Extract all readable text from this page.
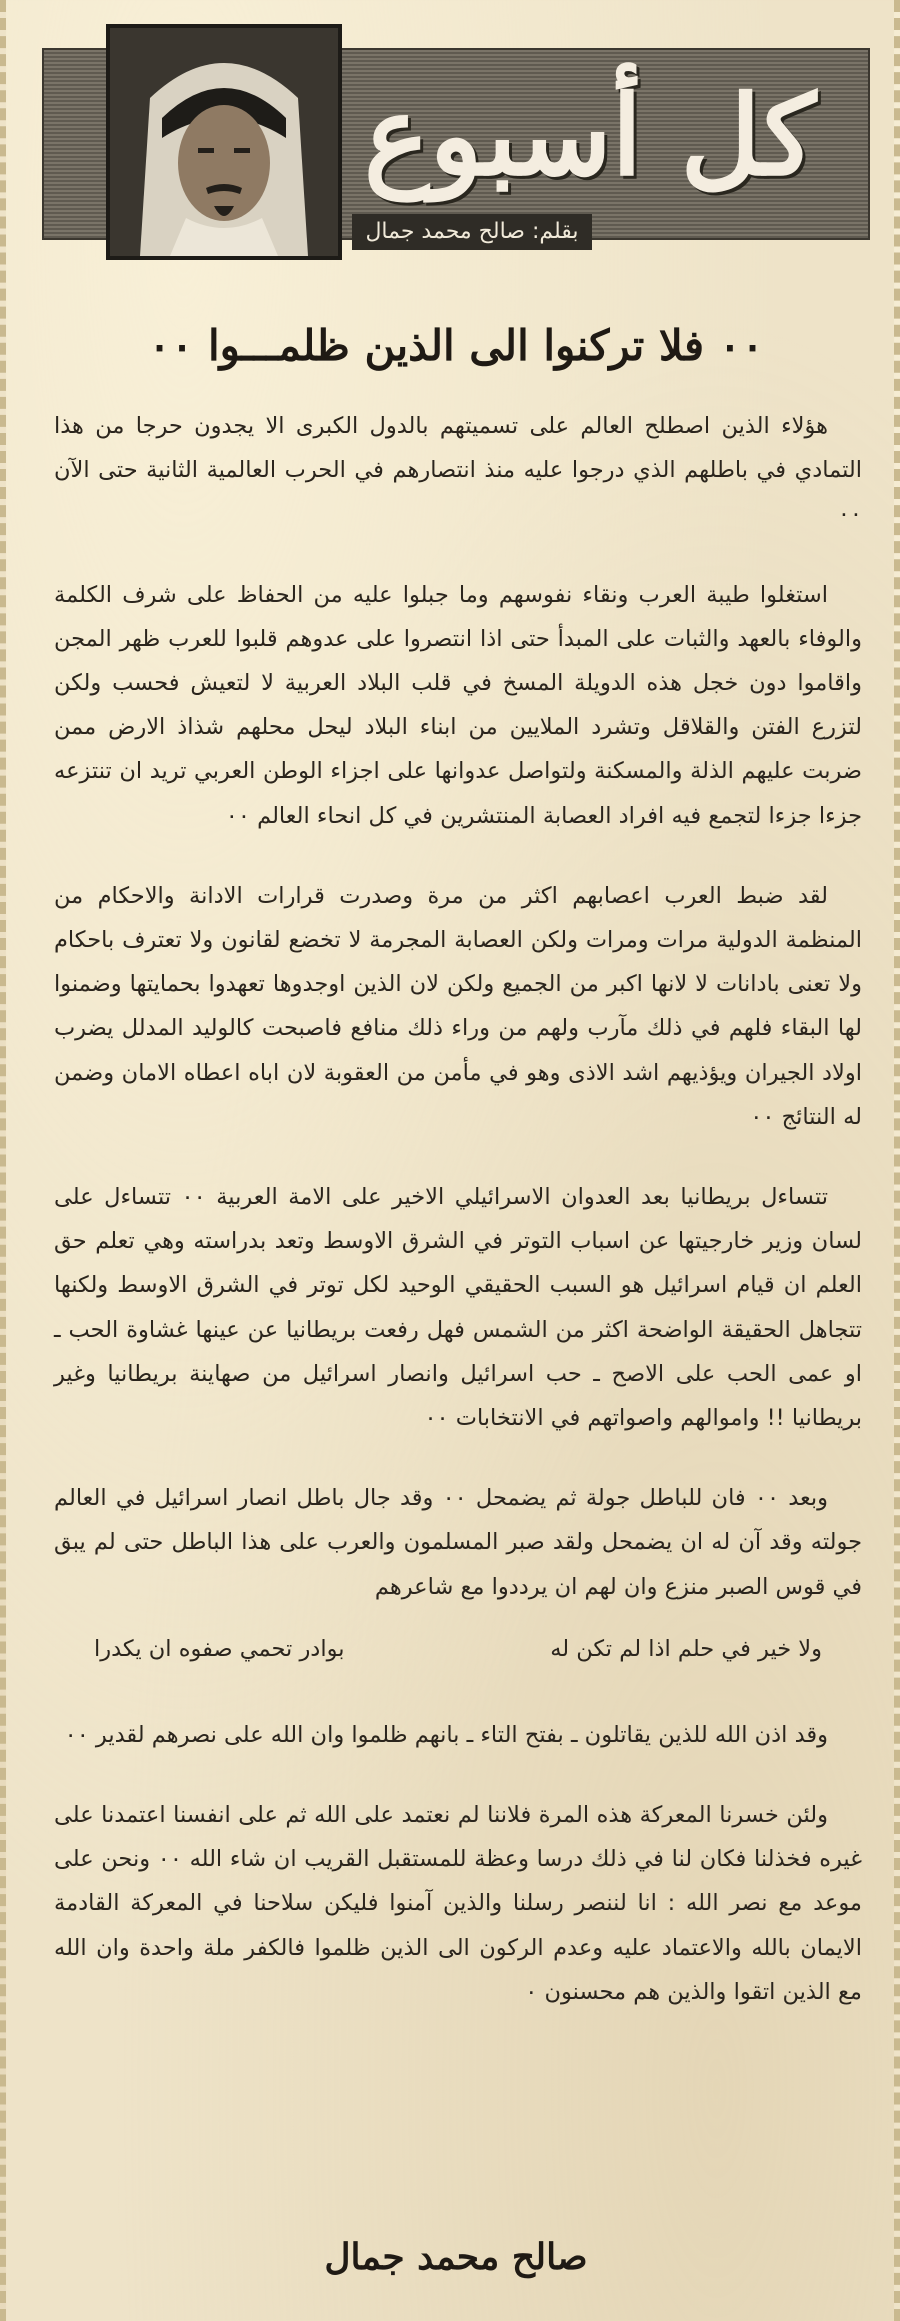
كل أسبوع
بقلم: صالح محمد جمال
٠٠ فلا تركنوا الى الذين ظلمـــوا ٠٠

هؤلاء الذين اصطلح العالم على تسميتهم بالدول الكبرى الا يجدون حرجا من هذا التمادي في باطلهم الذي درجوا عليه منذ انتصارهم في الحرب العالمية الثانية حتى الآن ٠٠

استغلوا طيبة العرب ونقاء نفوسهم وما جبلوا عليه من الحفاظ على شرف الكلمة والوفاء بالعهد والثبات على المبدأ حتى اذا انتصروا على عدوهم قلبوا للعرب ظهر المجن واقاموا دون خجل هذه الدويلة المسخ في قلب البلاد العربية لا لتعيش فحسب ولكن لتزرع الفتن والقلاقل وتشرد الملايين من ابناء البلاد ليحل محلهم شذاذ الارض ممن ضربت عليهم الذلة والمسكنة ولتواصل عدوانها على اجزاء الوطن العربي تريد ان تنتزعه جزءا جزءا لتجمع فيه افراد العصابة المنتشرين في كل انحاء العالم ٠٠

لقد ضبط العرب اعصابهم اكثر من مرة وصدرت قرارات الادانة والاحكام من المنظمة الدولية مرات ومرات ولكن العصابة المجرمة لا تخضع لقانون ولا تعترف باحكام ولا تعنى بادانات لا لانها اكبر من الجميع ولكن لان الذين اوجدوها تعهدوا بحمايتها وضمنوا لها البقاء فلهم في ذلك مآرب ولهم من وراء ذلك منافع فاصبحت كالوليد المدلل يضرب اولاد الجيران ويؤذيهم اشد الاذى وهو في مأمن من العقوبة لان اباه اعطاه الامان وضمن له النتائج ٠٠

تتساءل بريطانيا بعد العدوان الاسرائيلي الاخير على الامة العربية ٠٠ تتساءل على لسان وزير خارجيتها عن اسباب التوتر في الشرق الاوسط وتعد بدراسته وهي تعلم حق العلم ان قيام اسرائيل هو السبب الحقيقي الوحيد لكل توتر في الشرق الاوسط ولكنها تتجاهل الحقيقة الواضحة اكثر من الشمس فهل رفعت بريطانيا عن عينها غشاوة الحب ـ او عمى الحب على الاصح ـ حب اسرائيل وانصار اسرائيل من صهاينة بريطانيا وغير بريطانيا !! واموالهم واصواتهم في الانتخابات ٠٠

وبعد ٠٠ فان للباطل جولة ثم يضمحل ٠٠ وقد جال باطل انصار اسرائيل في العالم جولته وقد آن له ان يضمحل ولقد صبر المسلمون والعرب على هذا الباطل حتى لم يبق في قوس الصبر منزع وان لهم ان يرددوا مع شاعرهم

ولا خير في حلم اذا لم تكن له
بوادر تحمي صفوه ان يكدرا

وقد اذن الله للذين يقاتلون ـ بفتح التاء ـ بانهم ظلموا وان الله على نصرهم لقدير ٠٠

ولئن خسرنا المعركة هذه المرة فلاننا لم نعتمد على الله ثم على انفسنا اعتمدنا على غيره فخذلنا فكان لنا في ذلك درسا وعظة للمستقبل القريب ان شاء الله ٠٠ ونحن على موعد مع نصر الله : انا لننصر رسلنا والذين آمنوا فليكن سلاحنا في المعركة القادمة الايمان بالله والاعتماد عليه وعدم الركون الى الذين ظلموا فالكفر ملة واحدة وان الله مع الذين اتقوا والذين هم محسنون ٠

صالح محمد جمال
